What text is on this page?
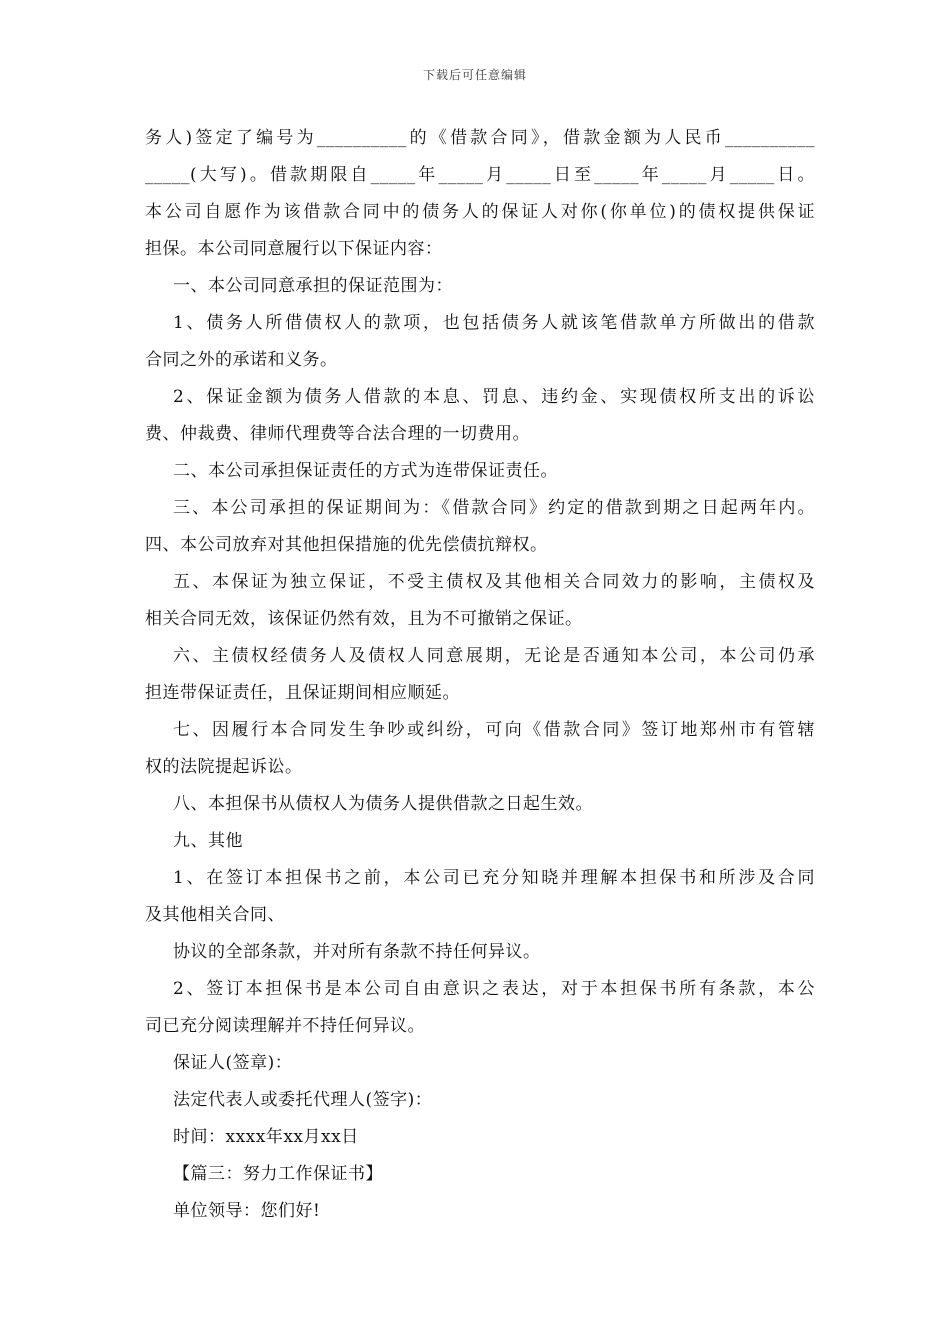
下载后可任意编辑
务人)签定了编号为__________的《借款合同》，借款金额为人民币__________
_____(大写)。借款期限自_____年_____月_____日至_____年_____月_____日。
本公司自愿作为该借款合同中的债务人的保证人对你(你单位)的债权提供保证
担保。本公司同意履行以下保证内容：
一、本公司同意承担的保证范围为：
1、债务人所借债权人的款项，也包括债务人就该笔借款单方所做出的借款
合同之外的承诺和义务。
2、保证金额为债务人借款的本息、罚息、违约金、实现债权所支出的诉讼
费、仲裁费、律师代理费等合法合理的一切费用。
二、本公司承担保证责任的方式为连带保证责任。
三、本公司承担的保证期间为：《借款合同》约定的借款到期之日起两年内。
四、本公司放弃对其他担保措施的优先偿债抗辩权。
五、本保证为独立保证，不受主债权及其他相关合同效力的影响，主债权及
相关合同无效，该保证仍然有效，且为不可撤销之保证。
六、主债权经债务人及债权人同意展期，无论是否通知本公司，本公司仍承
担连带保证责任，且保证期间相应顺延。
七、因履行本合同发生争吵或纠纷，可向《借款合同》签订地郑州市有管辖
权的法院提起诉讼。
八、本担保书从债权人为债务人提供借款之日起生效。
九、其他
1、在签订本担保书之前，本公司已充分知晓并理解本担保书和所涉及合同
及其他相关合同、
协议的全部条款，并对所有条款不持任何异议。
2、签订本担保书是本公司自由意识之表达，对于本担保书所有条款，本公
司已充分阅读理解并不持任何异议。
保证人(签章)：
法定代表人或委托代理人(签字)：
时间：xxxx年xx月xx日
【篇三：努力工作保证书】
单位领导：您们好!
